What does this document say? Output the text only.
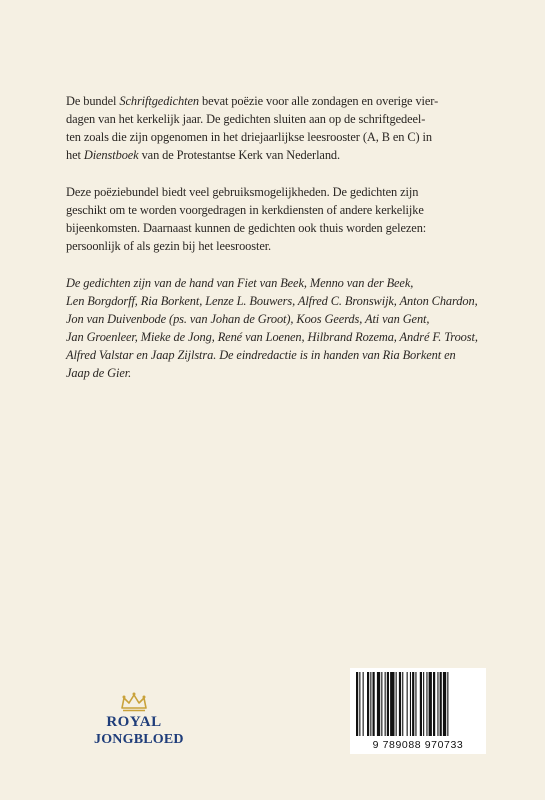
De bundel Schriftgedichten bevat poëzie voor alle zondagen en overige vier-
dagen van het kerkelijk jaar. De gedichten sluiten aan op de schriftgedeel-
ten zoals die zijn opgenomen in het driejaarlijkse leesrooster (A, B en C) in
het Dienstboek van de Protestantse Kerk van Nederland.

Deze poëziebundel biedt veel gebruiksmogelijkheden. De gedichten zijn
geschikt om te worden voorgedragen in kerkdiensten of andere kerkelijke
bijeenkomsten. Daarnaast kunnen de gedichten ook thuis worden gelezen:
persoonlijk of als gezin bij het leesrooster.

De gedichten zijn van de hand van Fiet van Beek, Menno van der Beek,
Len Borgdorff, Ria Borkent, Lenze L. Bouwers, Alfred C. Bronswijk, Anton Chardon,
Jon van Duivenbode (ps. van Johan de Groot), Koos Geerds, Ati van Gent,
Jan Groenleer, Mieke de Jong, René van Loenen, Hilbrand Rozema, André F. Troost,
Alfred Valstar en Jaap Zijlstra. De eindredactie is in handen van Ria Borkent en
Jaap de Gier.

ROYAL
JONGBLOED	9 789088 970733
